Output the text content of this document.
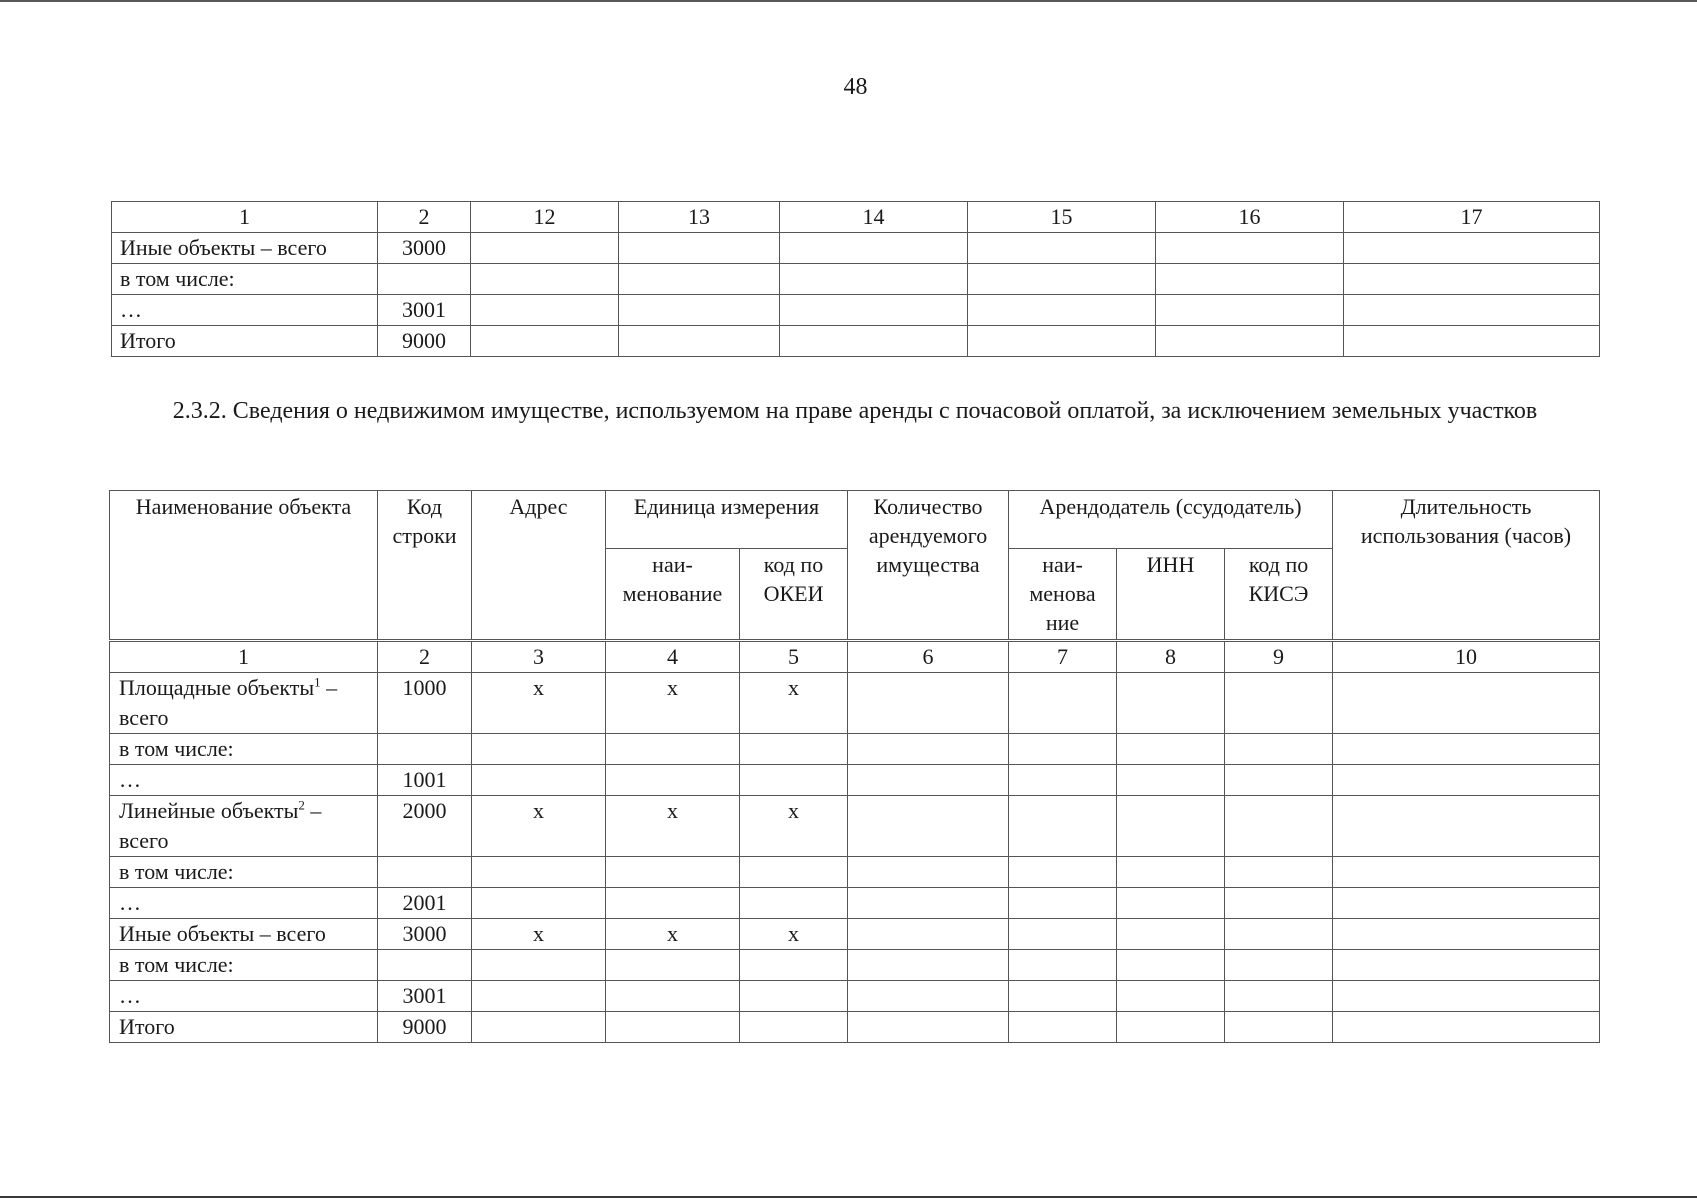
48
1	2	12	13	14	15	16	17
Иные объекты – всего	3000						
в том числе:							
…	3001						
Итого	9000						
2.3.2. Сведения о недвижимом имуществе, используемом на праве аренды с почасовой оплатой, за исключением земельных участков
Наименование объекта	Код строки	Адрес	Единица измерения		Количество арендуемого имущества	Арендодатель (ссудодатель)			Длительность использования (часов)
			наи-менование	код по ОКЕИ		наи-менова ние	ИНН	код по КИСЭ	
1	2	3	4	5	6	7	8	9	10
Площадные объекты$^1$ – всего	1000	x	x	x					
в том числе:									
…	1001								
Линейные объекты$^2$ – всего	2000	x	x	x					
в том числе:									
…	2001								
Иные объекты – всего	3000	x	x	x					
в том числе:									
…	3001								
Итого	9000								
